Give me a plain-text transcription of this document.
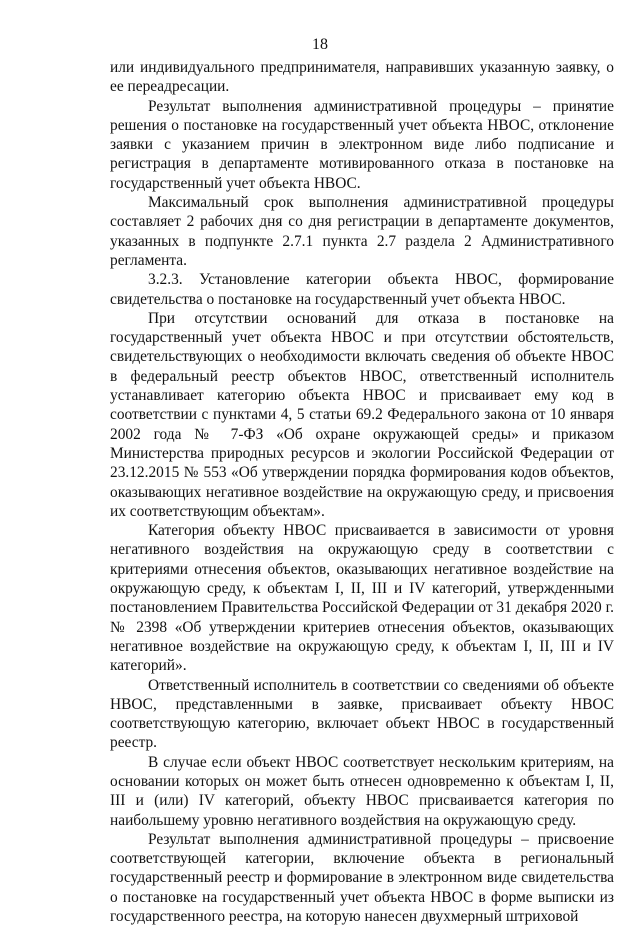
18

или индивидуального предпринимателя, направивших указанную заявку, о ее переадресации.

Результат выполнения административной процедуры – принятие решения о постановке на государственный учет объекта НВОС, отклонение заявки с указанием причин в электронном виде либо подписание и регистрация в департаменте мотивированного отказа в постановке на государственный учет объекта НВОС.

Максимальный срок выполнения административной процедуры составляет 2 рабочих дня со дня регистрации в департаменте документов, указанных в подпункте 2.7.1 пункта 2.7 раздела 2 Административного регламента.

3.2.3. Установление категории объекта НВОС, формирование свидетельства о постановке на государственный учет объекта НВОС.

При отсутствии оснований для отказа в постановке на государственный учет объекта НВОС и при отсутствии обстоятельств, свидетельствующих о необходимости включать сведения об объекте НВОС в федеральный реестр объектов НВОС, ответственный исполнитель устанавливает категорию объекта НВОС и присваивает ему код в соответствии с пунктами 4, 5 статьи 69.2 Федерального закона от 10 января 2002 года № 7-ФЗ «Об охране окружающей среды» и приказом Министерства природных ресурсов и экологии Российской Федерации от 23.12.2015 № 553 «Об утверждении порядка формирования кодов объектов, оказывающих негативное воздействие на окружающую среду, и присвоения их соответствующим объектам».

Категория объекту НВОС присваивается в зависимости от уровня негативного воздействия на окружающую среду в соответствии с критериями отнесения объектов, оказывающих негативное воздействие на окружающую среду, к объектам I, II, III и IV категорий, утвержденными постановлением Правительства Российской Федерации от 31 декабря 2020 г. № 2398 «Об утверждении критериев отнесения объектов, оказывающих негативное воздействие на окружающую среду, к объектам I, II, III и IV категорий».

Ответственный исполнитель в соответствии со сведениями об объекте НВОС, представленными в заявке, присваивает объекту НВОС соответствующую категорию, включает объект НВОС в государственный реестр.

В случае если объект НВОС соответствует нескольким критериям, на основании которых он может быть отнесен одновременно к объектам I, II, III и (или) IV категорий, объекту НВОС присваивается категория по наибольшему уровню негативного воздействия на окружающую среду.

Результат выполнения административной процедуры – присвоение соответствующей категории, включение объекта в региональный государственный реестр и формирование в электронном виде свидетельства о постановке на государственный учет объекта НВОС в форме выписки из государственного реестра, на которую нанесен двухмерный штриховой
